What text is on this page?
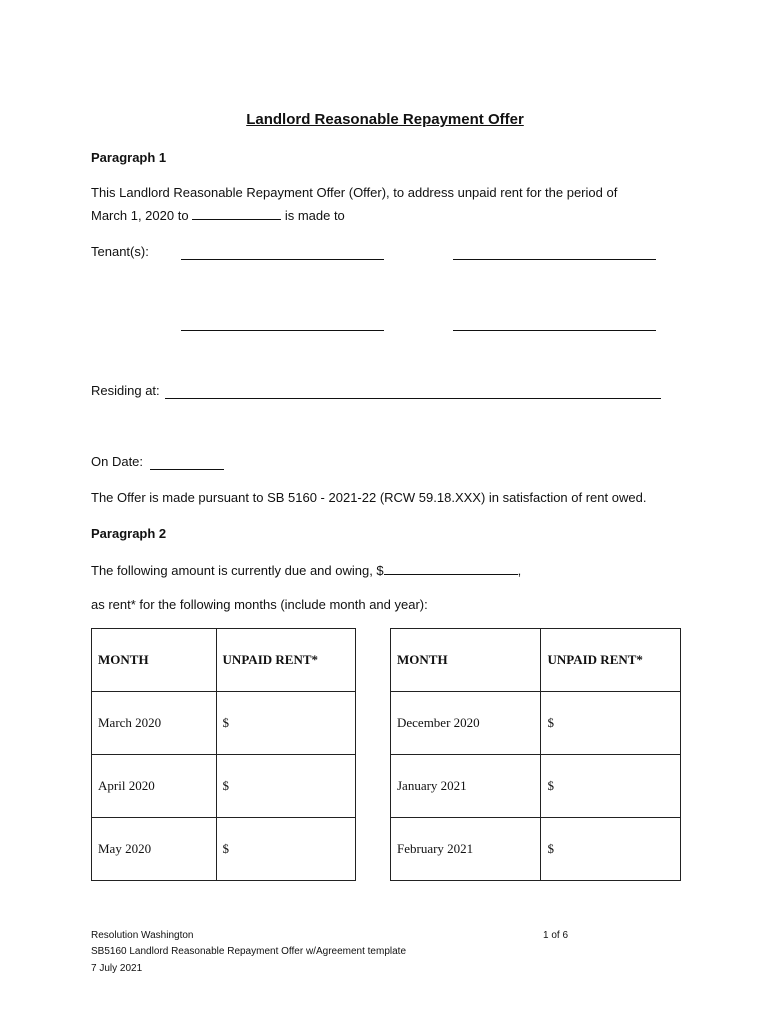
Landlord Reasonable Repayment Offer
Paragraph 1
This Landlord Reasonable Repayment Offer (Offer), to address unpaid rent for the period of
March 1, 2020 to	is made to
Tenant(s):
Residing at:
On Date:
The Offer is made pursuant to SB 5160 - 2021-22 (RCW 59.18.XXX) in satisfaction of rent owed.
Paragraph 2
The following amount is currently due and owing, $	,
as rent* for the following months (include month and year):
MONTH	UNPAID RENT*
March 2020	$
April 2020	$
May 2020	$
MONTH	UNPAID RENT*
December 2020	$
January 2021	$
February 2021	$
Resolution Washington	1 of 6
SB5160 Landlord Reasonable Repayment Offer w/Agreement template
7 July 2021
